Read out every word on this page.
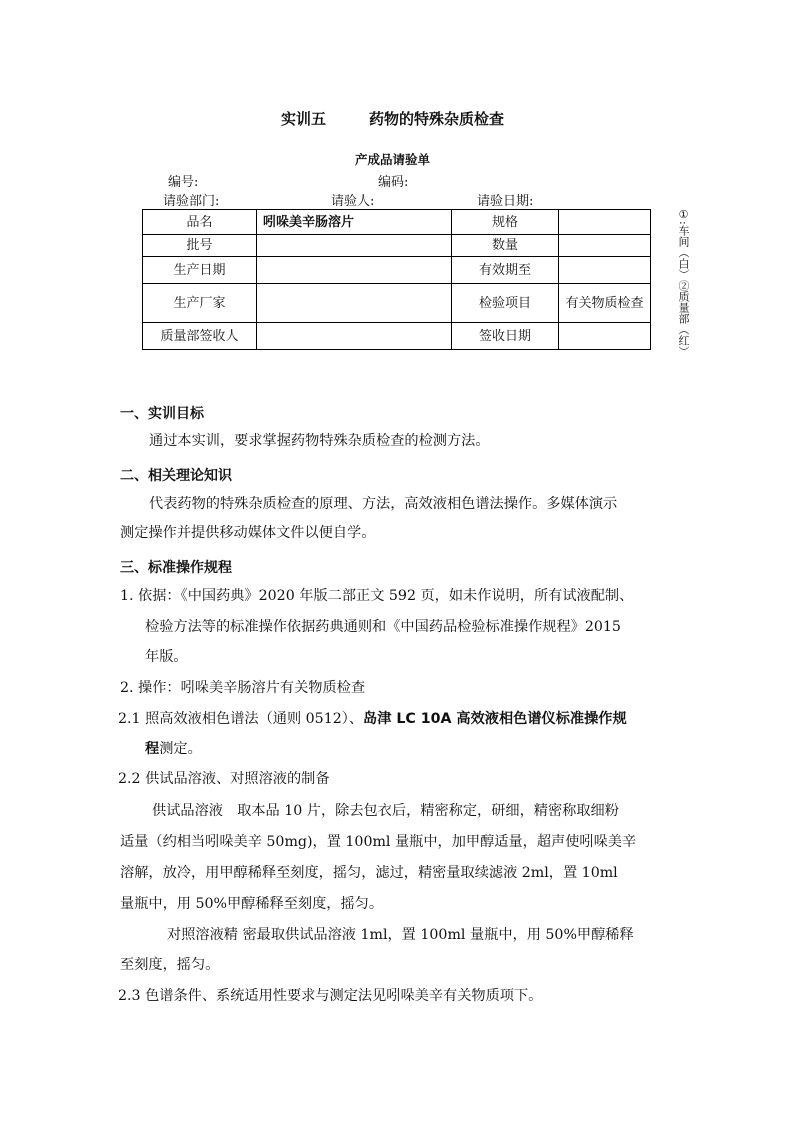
实训五	药物的特殊杂质检查
产成品请验单
编号:	编码:
请验部门:	请验人:	请验日期:
品名	吲哚美辛肠溶片	规格	
批号		数量	
生产日期		有效期至	
生产厂家		检验项目	有关物质检查
质量部签收人		签收日期		①:车间（白）②质量部（红）
一、实训目标
通过本实训，要求掌握药物特殊杂质检查的检测方法。
二、相关理论知识
代表药物的特殊杂质检查的原理、方法，高效液相色谱法操作。多媒体演示
测定操作并提供移动媒体文件以便自学。
三、标准操作规程
1. 依据：《中国药典》2020 年版二部正文 592 页，如未作说明，所有试液配制、
检验方法等的标准操作依据药典通则和《中国药品检验标准操作规程》2015
年版。
2. 操作：吲哚美辛肠溶片有关物质检查
2.1 照高效液相色谱法（通则 0512）、岛津 LC 10A 高效液相色谱仪标准操作规
程测定。
2.2 供试品溶液、对照溶液的制备
供试品溶液　取本品 10 片，除去包衣后，精密称定，研细，精密称取细粉
适量（约相当吲哚美辛 50mg)，置 100ml 量瓶中，加甲醇适量，超声使吲哚美辛
溶解，放冷，用甲醇稀释至刻度，摇匀，滤过，精密量取续滤液 2ml，置 10ml
量瓶中，用 50%甲醇稀释至刻度，摇匀。
对照溶液精 密最取供试品溶液 1ml，置 100ml 量瓶中，用 50%甲醇稀释
至刻度，摇匀。
2.3 色谱条件、系统适用性要求与测定法见吲哚美辛有关物质项下。
